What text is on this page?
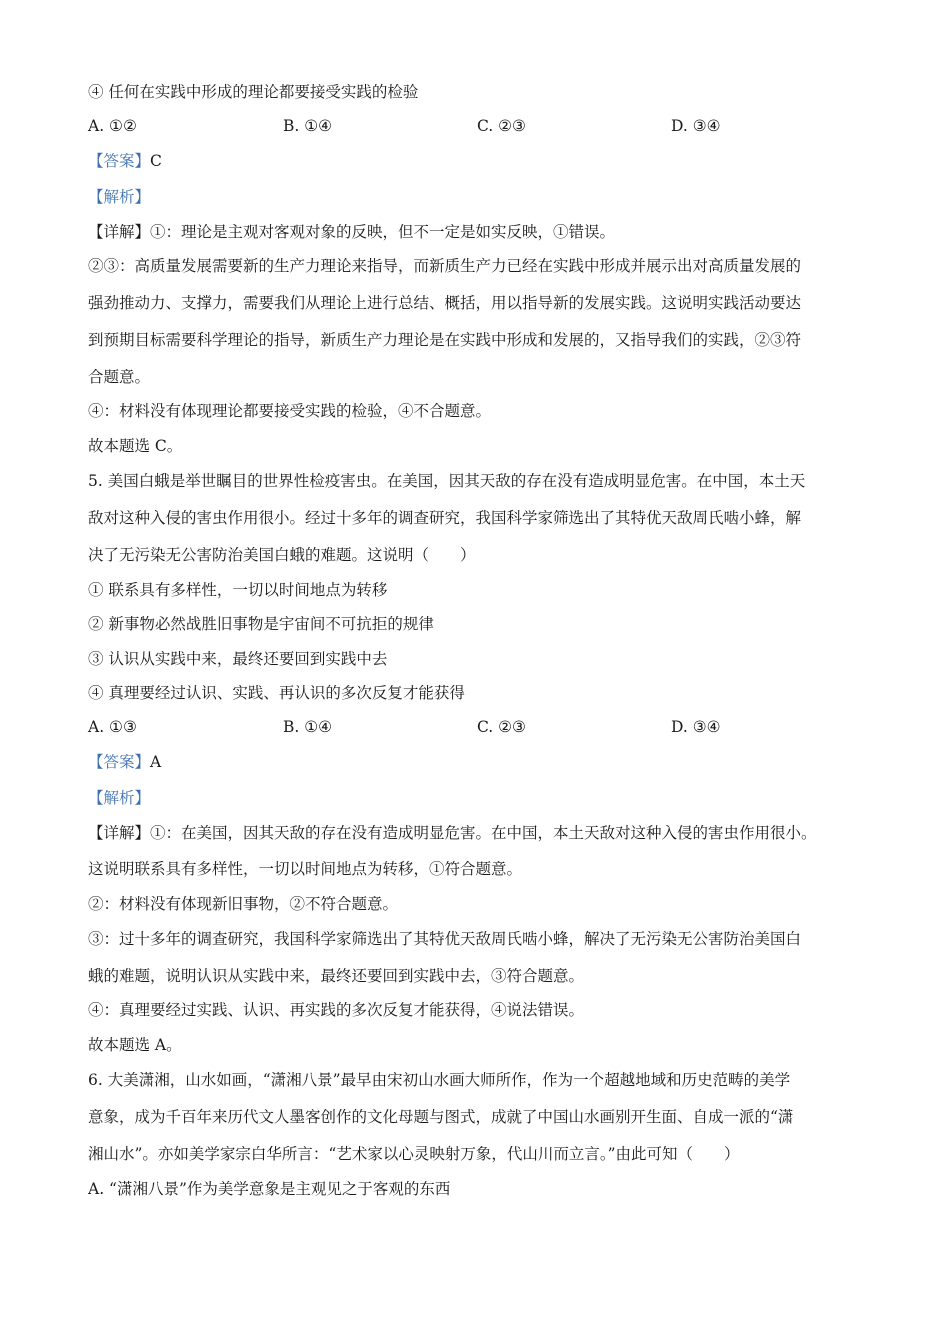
④ 任何在实践中形成的理论都要接受实践的检验
A. ①②	B. ①④	C. ②③	D. ③④
【答案】C
【解析】
【详解】①：理论是主观对客观对象的反映，但不一定是如实反映，①错误。
②③：高质量发展需要新的生产力理论来指导，而新质生产力已经在实践中形成并展示出对高质量发展的
强劲推动力、支撑力，需要我们从理论上进行总结、概括，用以指导新的发展实践。这说明实践活动要达
到预期目标需要科学理论的指导，新质生产力理论是在实践中形成和发展的，又指导我们的实践，②③符
合题意。
④：材料没有体现理论都要接受实践的检验，④不合题意。
故本题选 C。
5. 美国白蛾是举世瞩目的世界性检疫害虫。在美国，因其天敌的存在没有造成明显危害。在中国，本土天
敌对这种入侵的害虫作用很小。经过十多年的调查研究，我国科学家筛选出了其特优天敌周氏啮小蜂，解
决了无污染无公害防治美国白蛾的难题。这说明（　　）
① 联系具有多样性，一切以时间地点为转移
② 新事物必然战胜旧事物是宇宙间不可抗拒的规律
③ 认识从实践中来，最终还要回到实践中去
④ 真理要经过认识、实践、再认识的多次反复才能获得
A. ①③	B. ①④	C. ②③	D. ③④
【答案】A
【解析】
【详解】①：在美国，因其天敌的存在没有造成明显危害。在中国，本土天敌对这种入侵的害虫作用很小。
这说明联系具有多样性，一切以时间地点为转移，①符合题意。
②：材料没有体现新旧事物，②不符合题意。
③：过十多年的调查研究，我国科学家筛选出了其特优天敌周氏啮小蜂，解决了无污染无公害防治美国白
蛾的难题，说明认识从实践中来，最终还要回到实践中去，③符合题意。
④：真理要经过实践、认识、再实践的多次反复才能获得，④说法错误。
故本题选 A。
6. 大美潇湘，山水如画，“潇湘八景”最早由宋初山水画大师所作，作为一个超越地域和历史范畴的美学
意象，成为千百年来历代文人墨客创作的文化母题与图式，成就了中国山水画别开生面、自成一派的“潇
湘山水”。亦如美学家宗白华所言：“艺术家以心灵映射万象，代山川而立言。”由此可知（　　）
A. “潇湘八景”作为美学意象是主观见之于客观的东西
